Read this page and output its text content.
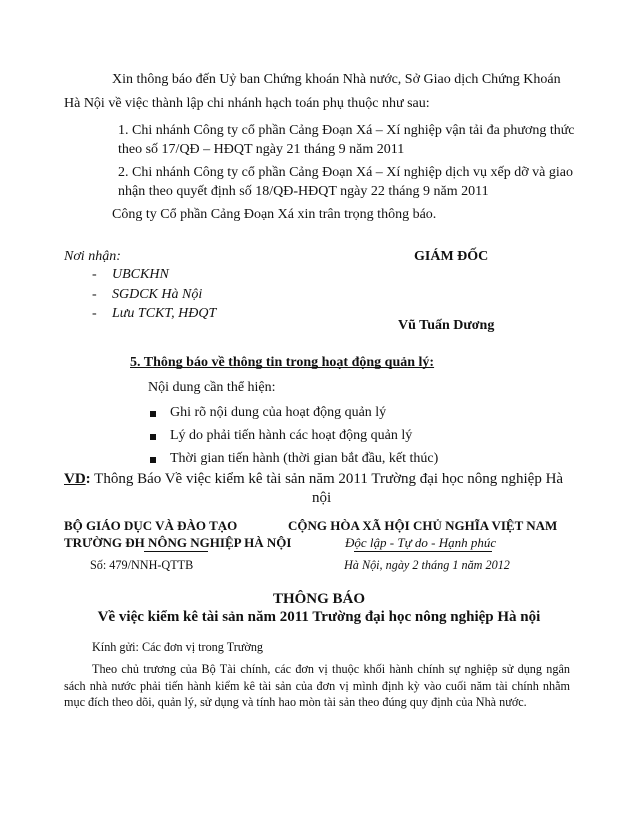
Xin thông báo đến Uỷ ban Chứng khoán Nhà nước, Sở Giao dịch Chứng Khoán
Hà Nội về việc thành lập chi nhánh hạch toán phụ thuộc như sau:
1. Chi nhánh Công ty cổ phần Cảng Đoạn Xá – Xí nghiệp vận tải đa phương thức
theo số 17/QĐ – HĐQT ngày 21 tháng 9 năm 2011
2. Chi nhánh Công ty cổ phần Cảng Đoạn Xá – Xí nghiệp dịch vụ xếp dỡ và giao
nhận theo quyết định số 18/QĐ-HĐQT ngày 22 tháng 9 năm 2011
Công ty Cổ phần Cảng Đoạn Xá xin trân trọng thông báo.
Nơi nhận:
- UBCKHN
- SGDCK Hà Nội
- Lưu TCKT, HĐQT
GIÁM ĐỐC
Vũ Tuấn Dương
5. Thông báo về thông tin trong hoạt động quản lý:
Nội dung cần thể hiện:
Ghi rõ nội dung của hoạt động quản lý
Lý do phải tiến hành các hoạt động quản lý
Thời gian tiến hành (thời gian bắt đầu, kết thúc)
VD: Thông Báo Về việc kiểm kê tài sản năm 2011 Trường đại học nông nghiệp Hà
nội
BỘ GIÁO DỤC VÀ ĐÀO TẠO
TRƯỜNG ĐH NÔNG NGHIỆP HÀ NỘI
CỘNG HÒA XÃ HỘI CHỦ NGHĨA VIỆT NAM
Độc lập - Tự do - Hạnh phúc
Số: 479/NNH-QTTB	Hà Nội, ngày 2 tháng 1 năm 2012
THÔNG BÁO
Về việc kiểm kê tài sản năm 2011 Trường đại học nông nghiệp Hà nội
Kính gửi: Các đơn vị trong Trường
Theo chủ trương của Bộ Tài chính, các đơn vị thuộc khối hành chính sự nghiệp sử dụng ngân sách nhà nước phải tiến hành kiểm kê tài sản của đơn vị mình định kỳ vào cuối năm tài chính nhằm mục đích theo dõi, quản lý, sử dụng và tính hao mòn tài sản theo đúng quy định của Nhà nước.
